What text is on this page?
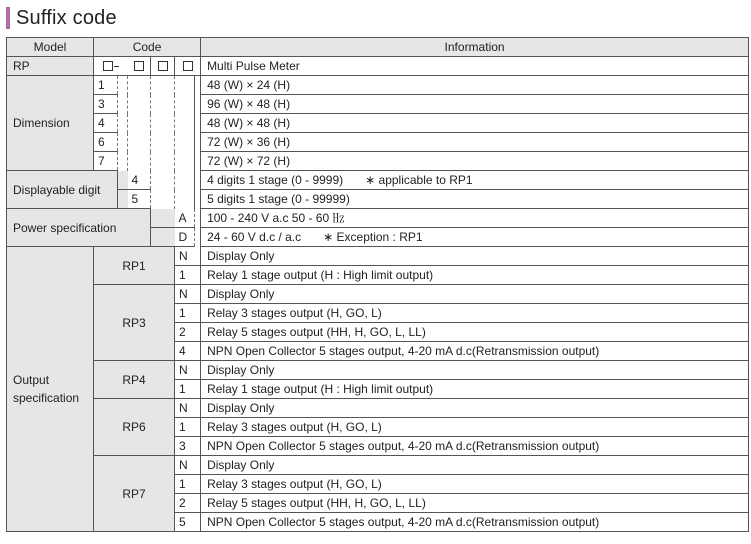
Suffix code
Model	Code						Information
RP							Multi Pulse Meter
Dimension	1						48 (W) × 24 (H)
	3						96 (W) × 48 (H)
	4						48 (W) × 48 (H)
	6						72 (W) × 36 (H)
	7						72 (W) × 72 (H)
Displayable digit			4				4 digits 1 stage (0 - 9999) ∗ applicable to RP1
			5				5 digits 1 stage (0 - 99999)
Power specification					A		100 - 240 V a.c 50 - 60 ㎐
					D		24 - 60 V d.c / a.c ∗ Exception : RP1
Output
specification	RP1				N		Display Only
					1		Relay 1 stage output (H : High limit output)
	RP3				N		Display Only
					1		Relay 3 stages output (H, GO, L)
					2		Relay 5 stages output (HH, H, GO, L, LL)
					4		NPN Open Collector 5 stages output, 4-20 mA d.c(Retransmission output)
	RP4				N		Display Only
					1		Relay 1 stage output (H : High limit output)
	RP6				N		Display Only
					1		Relay 3 stages output (H, GO, L)
					3		NPN Open Collector 5 stages output, 4-20 mA d.c(Retransmission output)
	RP7				N		Display Only
					1		Relay 3 stages output (H, GO, L)
					2		Relay 5 stages output (HH, H, GO, L, LL)
					5		NPN Open Collector 5 stages output, 4-20 mA d.c(Retransmission output)
